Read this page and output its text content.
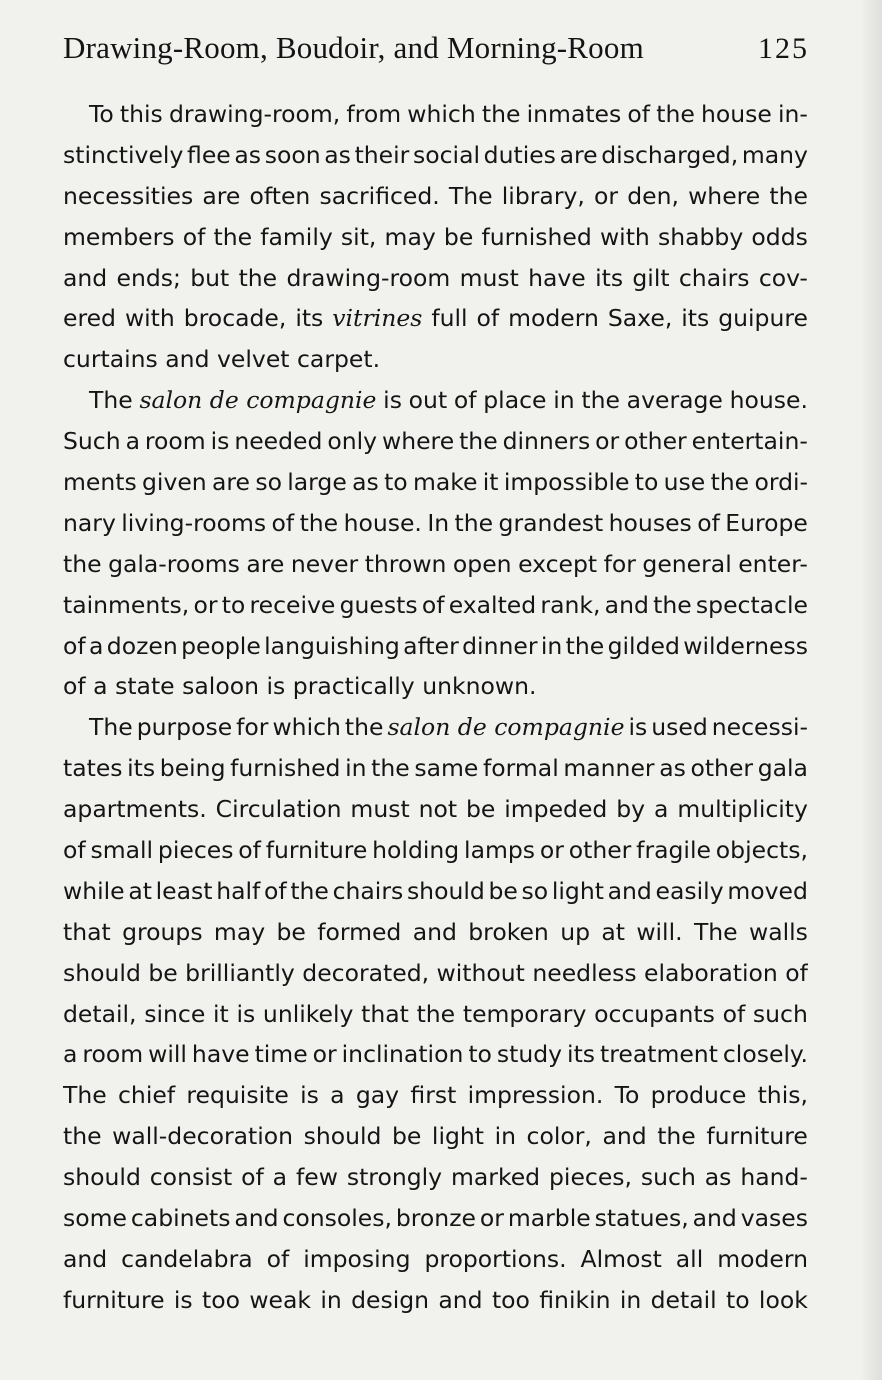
Drawing-Room, Boudoir, and Morning-Room	125
To this drawing-room, from which the inmates of the house in-
stinctively flee as soon as their social duties are discharged, many
necessities are often sacrificed. The library, or den, where the
members of the family sit, may be furnished with shabby odds
and ends; but the drawing-room must have its gilt chairs cov-
ered with brocade, its vitrines full of modern Saxe, its guipure
curtains and velvet carpet.
The salon de compagnie is out of place in the average house.
Such a room is needed only where the dinners or other entertain-
ments given are so large as to make it impossible to use the ordi-
nary living-rooms of the house. In the grandest houses of Europe
the gala-rooms are never thrown open except for general enter-
tainments, or to receive guests of exalted rank, and the spectacle
of a dozen people languishing after dinner in the gilded wilderness
of a state saloon is practically unknown.
The purpose for which the salon de compagnie is used necessi-
tates its being furnished in the same formal manner as other gala
apartments. Circulation must not be impeded by a multiplicity
of small pieces of furniture holding lamps or other fragile objects,
while at least half of the chairs should be so light and easily moved
that groups may be formed and broken up at will. The walls
should be brilliantly decorated, without needless elaboration of
detail, since it is unlikely that the temporary occupants of such
a room will have time or inclination to study its treatment closely.
The chief requisite is a gay first impression. To produce this,
the wall-decoration should be light in color, and the furniture
should consist of a few strongly marked pieces, such as hand-
some cabinets and consoles, bronze or marble statues, and vases
and candelabra of imposing proportions. Almost all modern
furniture is too weak in design and too finikin in detail to look
